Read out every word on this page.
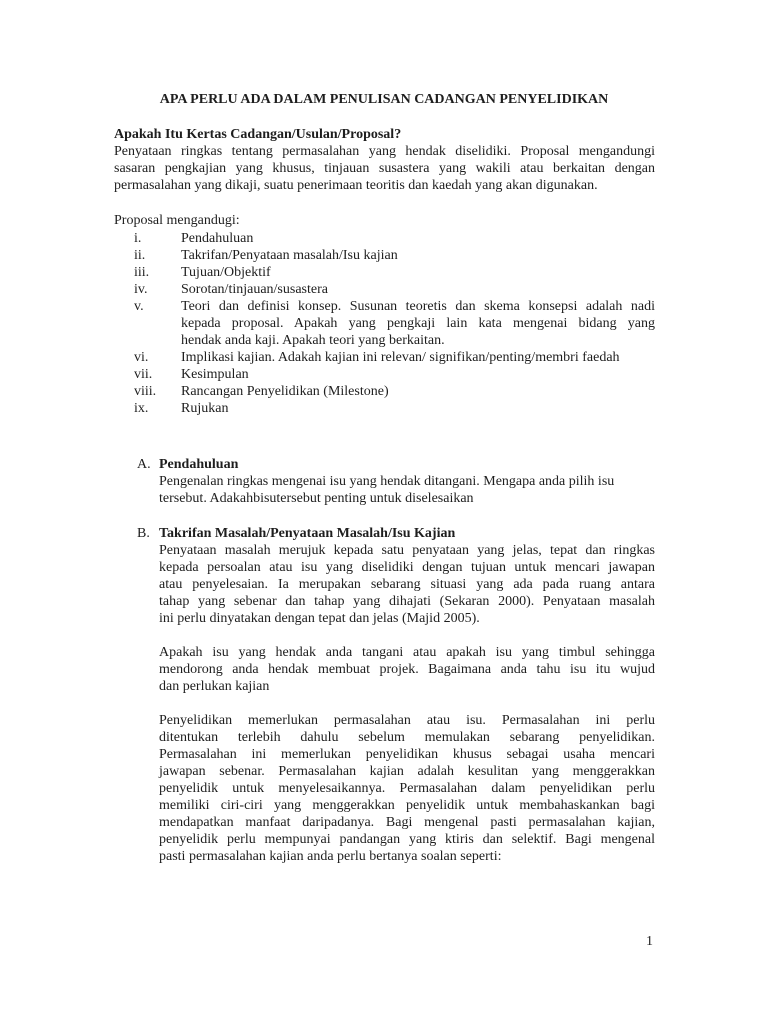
APA PERLU ADA DALAM PENULISAN CADANGAN PENYELIDIKAN
Apakah Itu Kertas Cadangan/Usulan/Proposal?
Penyataan ringkas tentang permasalahan yang hendak diselidiki. Proposal mengandungi
sasaran pengkajian yang khusus, tinjauan susastera yang wakili atau berkaitan dengan
permasalahan yang dikaji, suatu penerimaan teoritis dan kaedah yang akan digunakan.
Proposal mengandugi:
i.	Pendahuluan
ii.	Takrifan/Penyataan masalah/Isu kajian
iii. Tujuan/Objektif
iv. Sorotan/tinjauan/susastera
v.	Teori dan definisi konsep. Susunan teoretis dan skema konsepsi adalah nadi
kepada proposal. Apakah yang pengkaji lain kata mengenai bidang yang
hendak anda kaji. Apakah teori yang berkaitan.
vi. Implikasi kajian. Adakah kajian ini relevan/ signifikan/penting/membri faedah
vii. Kesimpulan
viii. Rancangan Penyelidikan (Milestone)
ix. Rujukan
A. Pendahuluan
Pengenalan ringkas mengenai isu yang hendak ditangani. Mengapa anda pilih isu
tersebut. Adakahbisutersebut penting untuk diselesaikan
B. Takrifan Masalah/Penyataan Masalah/Isu Kajian
Penyataan masalah merujuk kepada satu penyataan yang jelas, tepat dan ringkas
kepada persoalan atau isu yang diselidiki dengan tujuan untuk mencari jawapan
atau penyelesaian. Ia merupakan sebarang situasi yang ada pada ruang antara
tahap yang sebenar dan tahap yang dihajati (Sekaran 2000). Penyataan masalah
ini perlu dinyatakan dengan tepat dan jelas (Majid 2005).
Apakah isu yang hendak anda tangani atau apakah isu yang timbul sehingga
mendorong anda hendak membuat projek. Bagaimana anda tahu isu itu wujud
dan perlukan kajian
Penyelidikan memerlukan permasalahan atau isu. Permasalahan ini perlu
ditentukan terlebih dahulu sebelum memulakan sebarang penyelidikan.
Permasalahan ini memerlukan penyelidikan khusus sebagai usaha mencari
jawapan sebenar. Permasalahan kajian adalah kesulitan yang menggerakkan
penyelidik untuk menyelesaikannya. Permasalahan dalam penyelidikan perlu
memiliki ciri-ciri yang menggerakkan penyelidik untuk membahaskankan bagi
mendapatkan manfaat daripadanya. Bagi mengenal pasti permasalahan kajian,
penyelidik perlu mempunyai pandangan yang ktiris dan selektif. Bagi mengenal
pasti permasalahan kajian anda perlu bertanya soalan seperti:
1
